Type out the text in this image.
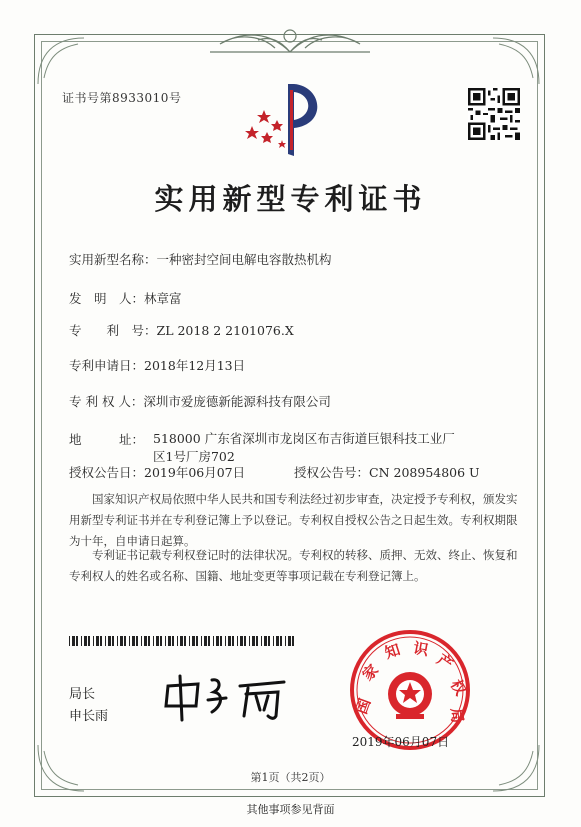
证书号第8933010号
实用新型专利证书
实用新型名称：一种密封空间电解电容散热机构
发　明　人：林章富
专　　利　号：ZL 2018 2 2101076.X
专利申请日：2018年12月13日
专 利 权 人：深圳市爱庞德新能源科技有限公司
地　　　址： 518000 广东省深圳市龙岗区布吉街道巨银科技工业厂区1号厂房702
授权公告日：2019年06月07日	授权公告号：CN 208954806 U
国家知识产权局依照中华人民共和国专利法经过初步审查，决定授予专利权，颁发实用新型专利证书并在专利登记簿上予以登记。专利权自授权公告之日起生效。专利权期限为十年，自申请日起算。
专利证书记载专利权登记时的法律状况。专利权的转移、质押、无效、终止、恢复和专利权人的姓名或名称、国籍、地址变更等事项记载在专利登记簿上。
局长
申长雨
国
家
知 识
产
权
局
2019年06月07日
第1页（共2页）
其他事项参见背面
